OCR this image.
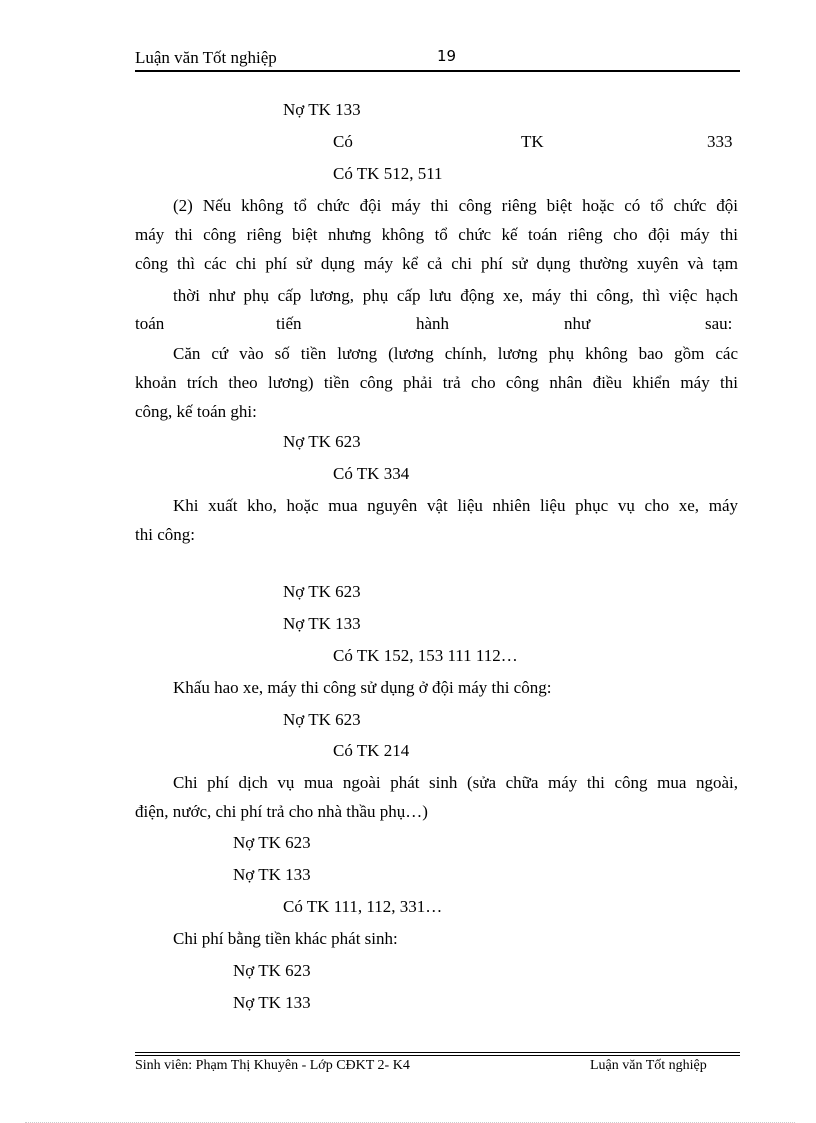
Luận văn Tốt nghiệp	19
Nợ TK 133
Có	TK	333
Có TK 512, 511
(2) Nếu không tổ chức đội máy thi công riêng biệt hoặc có tổ chức đội
máy thi công riêng biệt nhưng không tổ chức kế toán riêng cho đội máy thi
công thì các chi phí sử dụng máy kể cả chi phí sử dụng thường xuyên và tạm
thời như phụ cấp lương, phụ cấp lưu động xe, máy thi công, thì việc hạch
toán	tiến	hành	như	sau:
Căn cứ vào số tiền lương (lương chính, lương phụ không bao gồm các
khoản trích theo lương) tiền công phải trả cho công nhân điều khiển máy thi
công, kế toán ghi:
Nợ TK 623
Có TK 334
Khi xuất kho, hoặc mua nguyên vật liệu nhiên liệu phục vụ cho xe, máy
thi công:
Nợ TK 623
Nợ TK 133
Có TK 152, 153 111 112…
Khấu hao xe, máy thi công sử dụng ở đội máy thi công:
Nợ TK 623
Có TK 214
Chi phí dịch vụ mua ngoài phát sinh (sửa chữa máy thi công mua ngoài,
điện, nước, chi phí trả cho nhà thầu phụ…)
Nợ TK 623
Nợ TK 133
Có TK 111, 112, 331…
Chi phí bằng tiền khác phát sinh:
Nợ TK 623
Nợ TK 133
Sinh viên: Phạm Thị Khuyên - Lớp CĐKT 2- K4	Luận văn Tốt nghiệp
